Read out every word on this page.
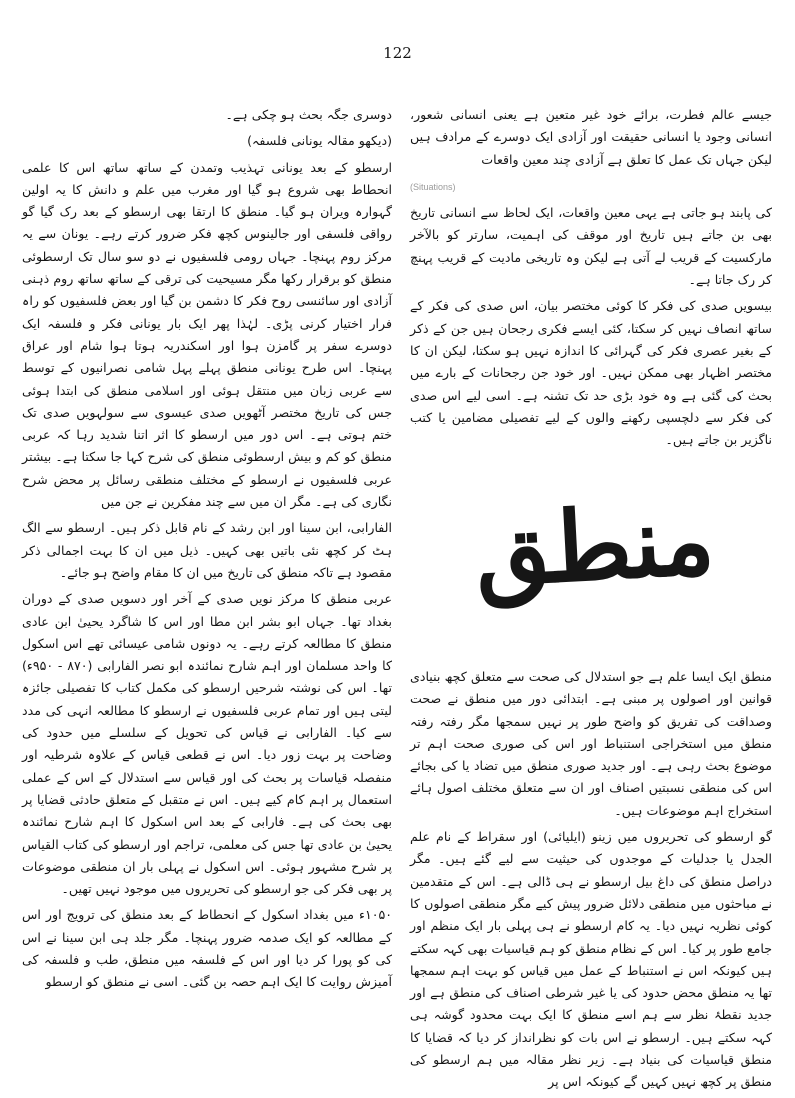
122

جیسے عالم فطرت، برائے خود غیر متعین ہے یعنی انسانی شعور، انسانی وجود یا انسانی حقیقت اور آزادی ایک دوسرے کے مرادف ہیں لیکن جہاں تک عمل کا تعلق ہے آزادی چند معین واقعات

(Situations)

کی پابند ہو جاتی ہے یہی معین واقعات، ایک لحاظ سے انسانی تاریخ بھی بن جاتے ہیں تاریخ اور موقف کی اہمیت، سارتر کو بالآخر مارکسیت کے قریب لے آتی ہے لیکن وہ تاریخی مادیت کے قریب پہنچ کر رک جاتا ہے۔

بیسویں صدی کی فکر کا کوئی مختصر بیان، اس صدی کی فکر کے ساتھ انصاف نہیں کر سکتا، کئی ایسے فکری رجحان ہیں جن کے ذکر کے بغیر عصری فکر کی گہرائی کا اندازہ نہیں ہو سکتا، لیکن ان کا مختصر اظہار بھی ممکن نہیں۔ اور خود جن رجحانات کے بارے میں بحث کی گئی ہے وہ خود بڑی حد تک تشنہ ہے۔ اسی لیے اس صدی کی فکر سے دلچسپی رکھنے والوں کے لیے تفصیلی مضامین یا کتب ناگزیر بن جاتے ہیں۔

منطق

منطق ایک ایسا علم ہے جو استدلال کی صحت سے متعلق کچھ بنیادی قوانین اور اصولوں پر مبنی ہے۔ ابتدائی دور میں منطق نے صحت وصداقت کی تفریق کو واضح طور پر نہیں سمجھا مگر رفتہ رفتہ منطق میں استخراجی استنباط اور اس کی صوری صحت اہم تر موضوع بحث رہی ہے۔ اور جدید صوری منطق میں تضاد یا کی بجائے اس کی منطقی نسبتیں اصناف اور ان سے متعلق مختلف اصول ہائے استخراج اہم موضوعات ہیں۔

گو ارسطو کی تحریروں میں زینو (ایلیائی) اور سقراط کے نام علم الجدل یا جدلیات کے موجدوں کی حیثیت سے لیے گئے ہیں۔ مگر دراصل منطق کی داغ بیل ارسطو نے ہی ڈالی ہے۔ اس کے متقدمین نے مباحثوں میں منطقی دلائل ضرور پیش کیے مگر منطقی اصولوں کا کوئی نظریہ نہیں دیا۔ یہ کام ارسطو نے ہی پہلی بار ایک منظم اور جامع طور پر کیا۔ اس کے نظام منطق کو ہم قیاسیات بھی کہہ سکتے ہیں کیونکہ اس نے استنباط کے عمل میں قیاس کو بہت اہم سمجھا تھا یہ منطق محض حدود کی یا غیر شرطی اصناف کی منطق ہے اور جدید نقطۂ نظر سے ہم اسے منطق کا ایک بہت محدود گوشہ ہی کہہ سکتے ہیں۔ ارسطو نے اس بات کو نظرانداز کر دیا کہ قضایا کا منطق قیاسیات کی بنیاد ہے۔ زیر نظر مقالہ میں ہم ارسطو کی منطق پر کچھ نہیں کہیں گے کیونکہ اس پر

دوسری جگہ بحث ہو چکی ہے۔

(دیکھو مقالہ یونانی فلسفہ)

ارسطو کے بعد یونانی تہذیب وتمدن کے ساتھ ساتھ اس کا علمی انحطاط بھی شروع ہو گیا اور مغرب میں علم و دانش کا یہ اولین گہوارہ ویران ہو گیا۔ منطق کا ارتقا بھی ارسطو کے بعد رک گیا گو رواقی فلسفی اور جالینوس کچھ فکر ضرور کرتے رہے۔ یونان سے یہ مرکز روم پہنچا۔ جہاں رومی فلسفیوں نے دو سو سال تک ارسطوئی منطق کو برقرار رکھا مگر مسیحیت کی ترقی کے ساتھ ساتھ روم ذہنی آزادی اور سائنسی روح فکر کا دشمن بن گیا اور بعض فلسفیوں کو راہ فرار اختیار کرنی پڑی۔ لہٰذا پھر ایک بار یونانی فکر و فلسفہ ایک دوسرے سفر پر گامزن ہوا اور اسکندریہ ہوتا ہوا شام اور عراق پہنچا۔ اس طرح یونانی منطق پہلے پہل شامی نصرانیوں کے توسط سے عربی زبان میں منتقل ہوئی اور اسلامی منطق کی ابتدا ہوئی جس کی تاریخ مختصر آٹھویں صدی عیسوی سے سولہویں صدی تک ختم ہوتی ہے۔ اس دور میں ارسطو کا اثر اتنا شدید رہا کہ عربی منطق کو کم و بیش ارسطوئی منطق کی شرح کہا جا سکتا ہے۔ بیشتر عربی فلسفیوں نے ارسطو کے مختلف منطقی رسائل پر محض شرح نگاری کی ہے۔ مگر ان میں سے چند مفکرین نے جن میں

الفارابی، ابن سینا اور ابن رشد کے نام قابل ذکر ہیں۔ ارسطو سے الگ ہٹ کر کچھ نئی باتیں بھی کہیں۔ ذیل میں ان کا بہت اجمالی ذکر مقصود ہے تاکہ منطق کی تاریخ میں ان کا مقام واضح ہو جائے۔

عربی منطق کا مرکز نویں صدی کے آخر اور دسویں صدی کے دوران بغداد تھا۔ جہاں ابو بشر ابن مطا اور اس کا شاگرد یحییٰ ابن عادی منطق کا مطالعہ کرتے رہے۔ یہ دونوں شامی عیسائی تھے اس اسکول کا واحد مسلمان اور اہم شارح نمائندہ ابو نصر الفارابی (۸۷۰ - ۹۵۰ء) تھا۔ اس کی نوشتہ شرحیں ارسطو کی مکمل کتاب کا تفصیلی جائزہ لیتی ہیں اور تمام عربی فلسفیوں نے ارسطو کا مطالعہ انہی کی مدد سے کیا۔ الفارابی نے قیاس کی تحویل کے سلسلے میں حدود کی وضاحت پر بہت زور دیا۔ اس نے قطعی قیاس کے علاوہ شرطیہ اور منفصلہ قیاسات پر بحث کی اور قیاس سے استدلال کے اس کے عملی استعمال پر اہم کام کیے ہیں۔ اس نے متقبل کے متعلق حادثی قضایا پر بھی بحث کی ہے۔ فارابی کے بعد اس اسکول کا اہم شارح نمائندہ یحییٰ بن عادی تھا جس کی معلمی، تراجم اور ارسطو کی کتاب القیاس پر شرح مشہور ہوئی۔ اس اسکول نے پہلی بار ان منطقی موضوعات پر بھی فکر کی جو ارسطو کی تحریروں میں موجود نہیں تھیں۔

۱۰۵۰ء میں بغداد اسکول کے انحطاط کے بعد منطق کی ترویج اور اس کے مطالعہ کو ایک صدمہ ضرور پہنچا۔ مگر جلد ہی ابن سینا نے اس کی کو پورا کر دیا اور اس کے فلسفہ میں منطق، طب و فلسفہ کی آمیزش روایت کا ایک اہم حصہ بن گئی۔ اسی نے منطق کو ارسطو
